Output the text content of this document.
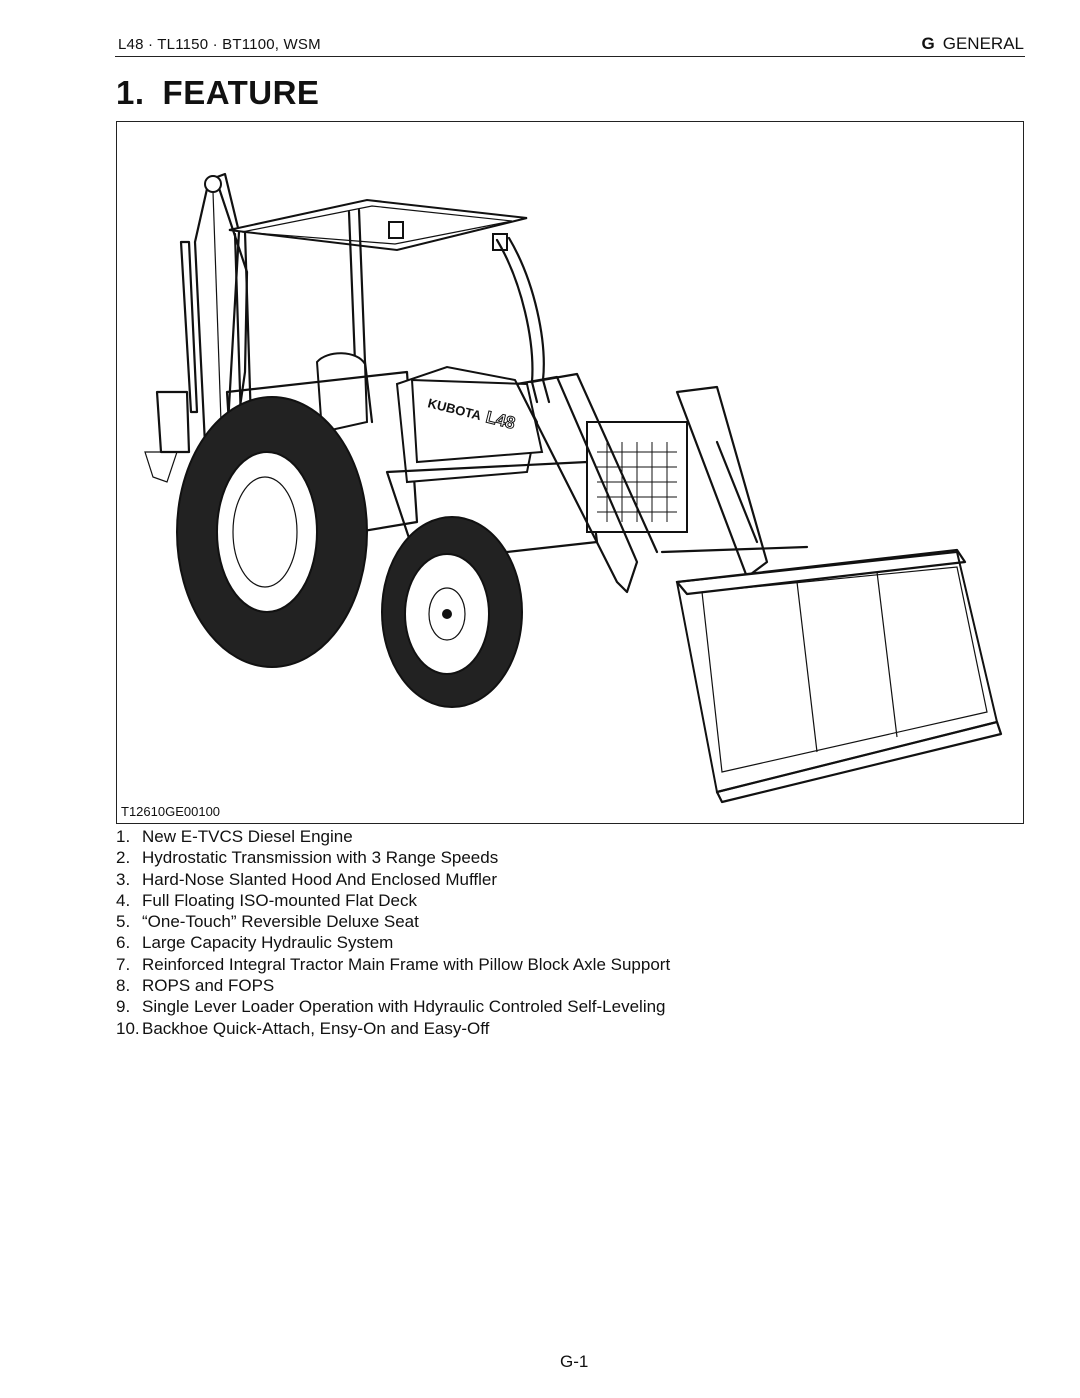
L48 · TL1150 · BT1100, WSM	G GENERAL
1. FEATURE
KUBOTA L48
T12610GE00100
1. New E-TVCS Diesel Engine
2. Hydrostatic Transmission with 3 Range Speeds
3. Hard-Nose Slanted Hood And Enclosed Muffler
4. Full Floating ISO-mounted Flat Deck
5. “One-Touch” Reversible Deluxe Seat
6. Large Capacity Hydraulic System
7. Reinforced Integral Tractor Main Frame with Pillow Block Axle Support
8. ROPS and FOPS
9. Single Lever Loader Operation with Hdyraulic Controled Self-Leveling
10. Backhoe Quick-Attach, Ensy-On and Easy-Off
G-1
